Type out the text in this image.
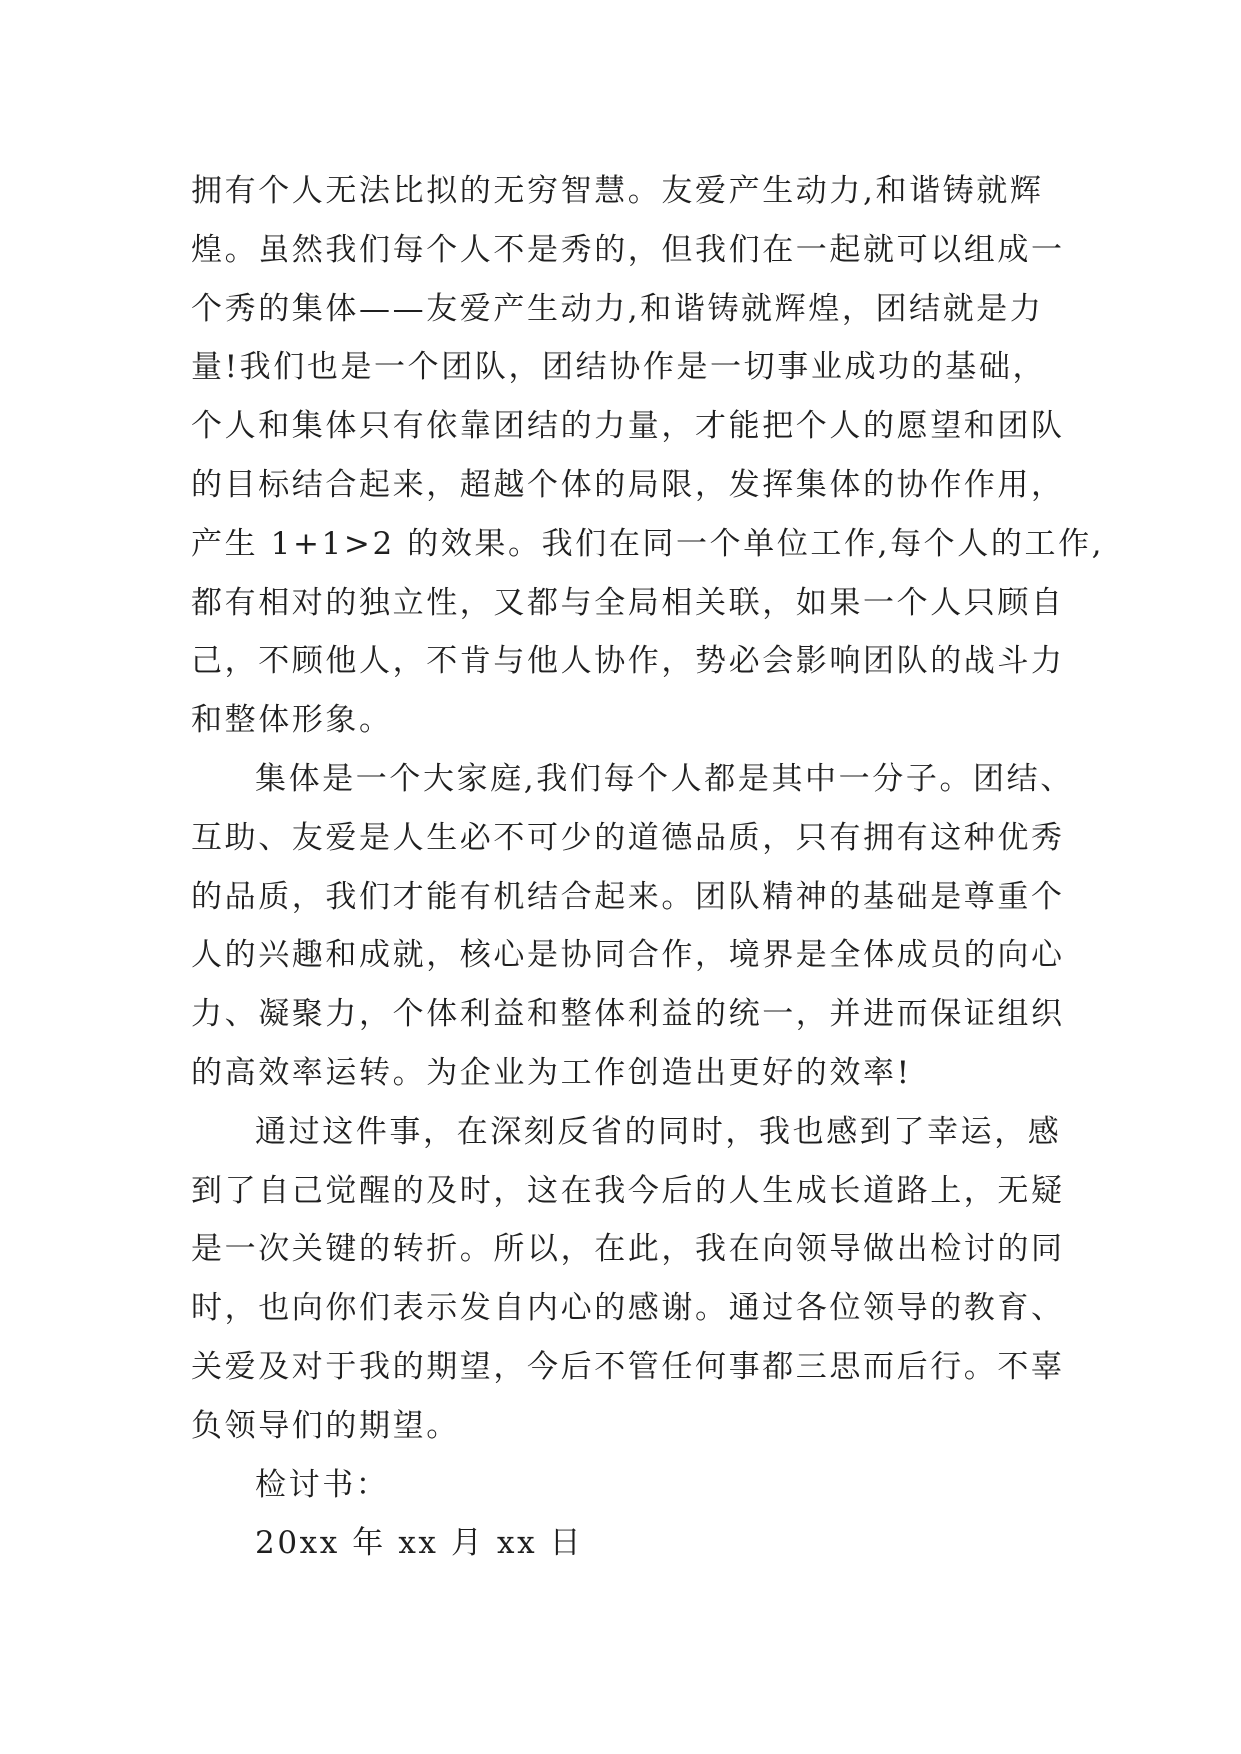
拥有个人无法比拟的无穷智慧。友爱产生动力,和谐铸就辉
煌。虽然我们每个人不是秀的，但我们在一起就可以组成一
个秀的集体——友爱产生动力,和谐铸就辉煌，团结就是力
量!我们也是一个团队，团结协作是一切事业成功的基础，
个人和集体只有依靠团结的力量，才能把个人的愿望和团队
的目标结合起来，超越个体的局限，发挥集体的协作作用，
产生 1+1>2 的效果。我们在同一个单位工作,每个人的工作,
都有相对的独立性，又都与全局相关联，如果一个人只顾自
己，不顾他人，不肯与他人协作，势必会影响团队的战斗力
和整体形象。
集体是一个大家庭,我们每个人都是其中一分子。团结、
互助、友爱是人生必不可少的道德品质，只有拥有这种优秀
的品质，我们才能有机结合起来。团队精神的基础是尊重个
人的兴趣和成就，核心是协同合作，境界是全体成员的向心
力、凝聚力，个体利益和整体利益的统一，并进而保证组织
的高效率运转。为企业为工作创造出更好的效率!
通过这件事，在深刻反省的同时，我也感到了幸运，感
到了自己觉醒的及时，这在我今后的人生成长道路上，无疑
是一次关键的转折。所以，在此，我在向领导做出检讨的同
时，也向你们表示发自内心的感谢。通过各位领导的教育、
关爱及对于我的期望，今后不管任何事都三思而后行。不辜
负领导们的期望。
检讨书：
20xx 年 xx 月 xx 日
